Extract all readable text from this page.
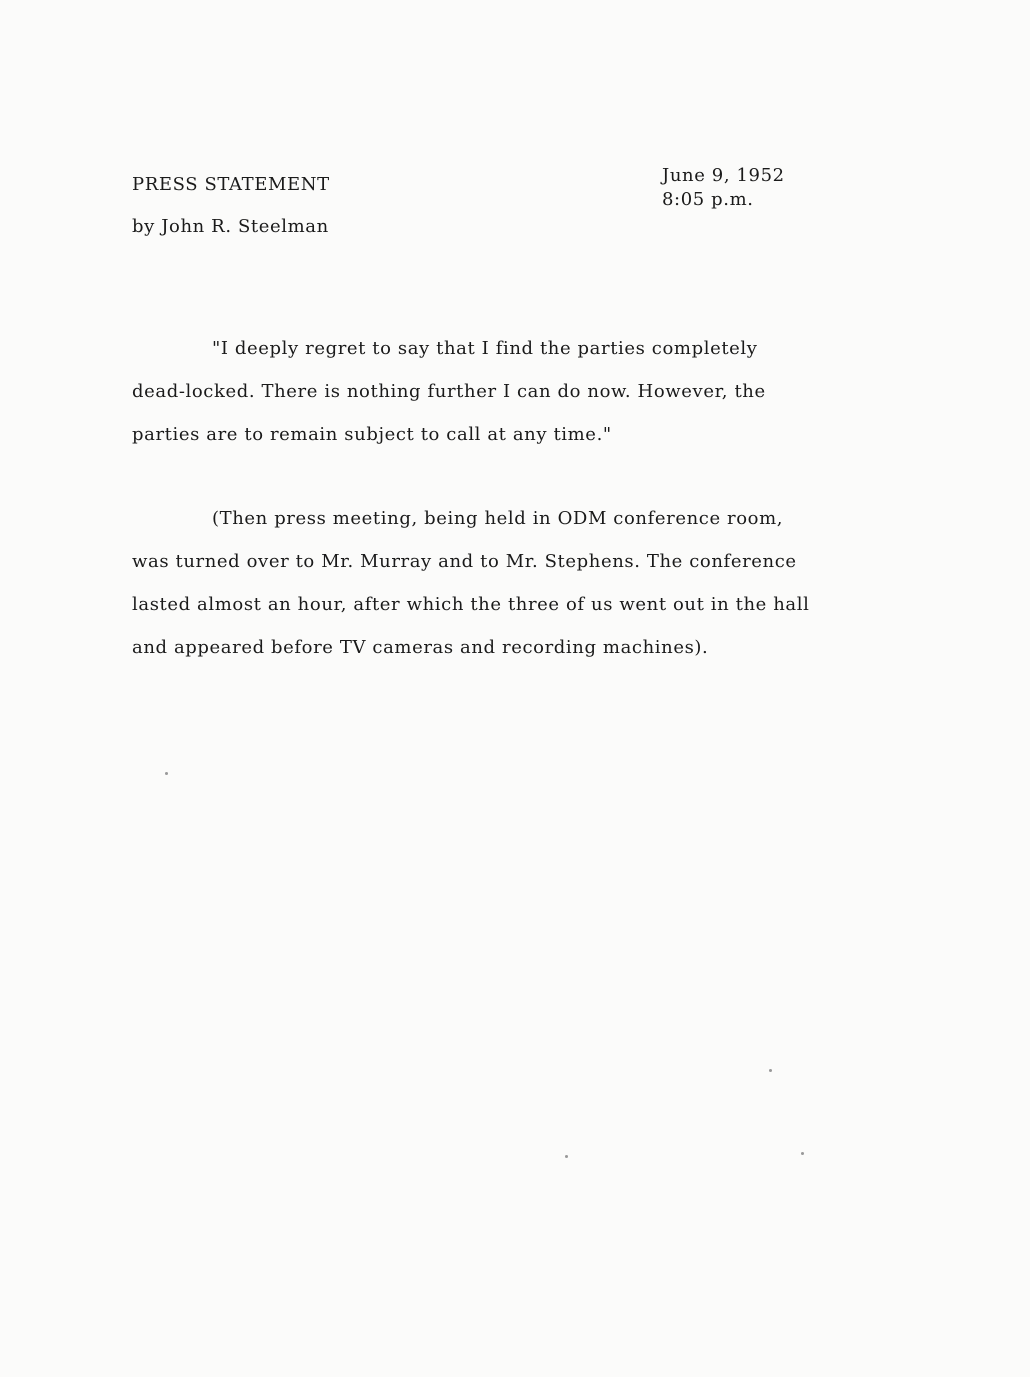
PRESS STATEMENT
by John R. Steelman
June 9, 1952
8:05 p.m.
"I deeply regret to say that I find the parties completely
dead-locked. There is nothing further I can do now. However, the
parties are to remain subject to call at any time."
(Then press meeting, being held in ODM conference room,
was turned over to Mr. Murray and to Mr. Stephens. The conference
lasted almost an hour, after which the three of us went out in the hall
and appeared before TV cameras and recording machines).
